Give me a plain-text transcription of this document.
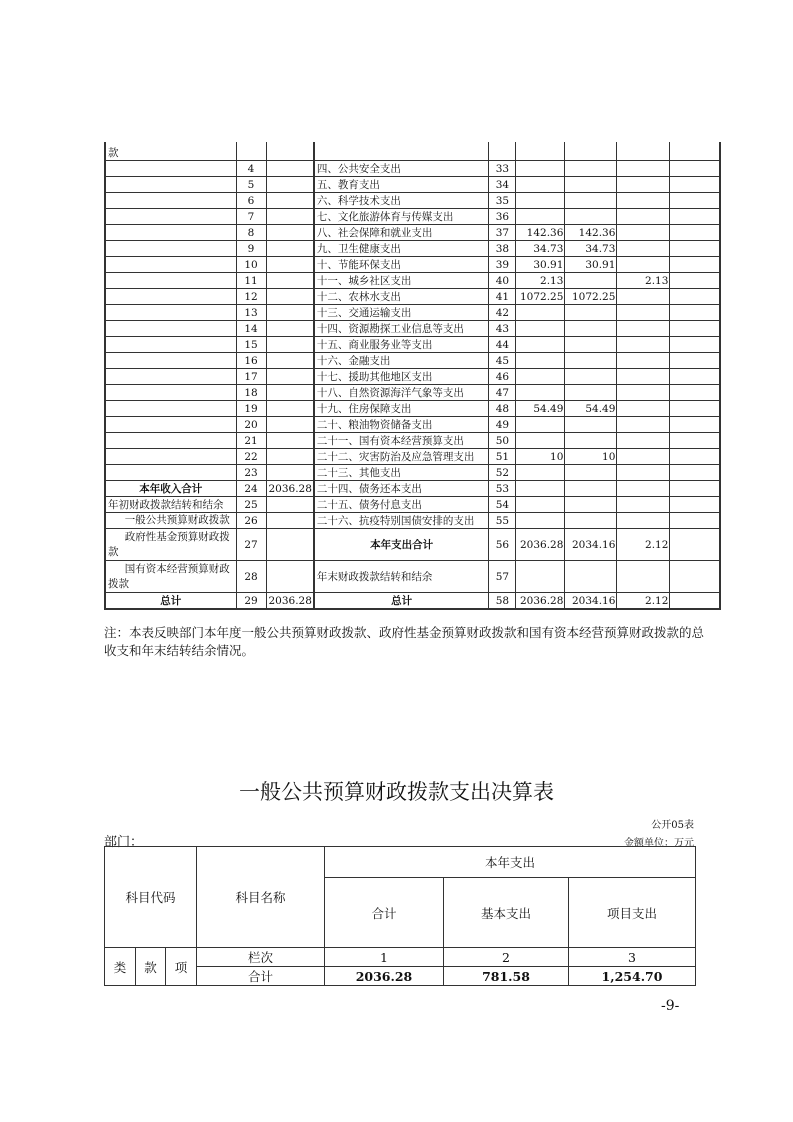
款								
	4		四、公共安全支出	33				
	5		五、教育支出	34				
	6		六、科学技术支出	35				
	7		七、文化旅游体育与传媒支出	36				
	8		八、社会保障和就业支出	37	142.36	142.36		
	9		九、卫生健康支出	38	34.73	34.73		
	10		十、节能环保支出	39	30.91	30.91		
	11		十一、城乡社区支出	40	2.13		2.13	
	12		十二、农林水支出	41	1072.25	1072.25		
	13		十三、交通运输支出	42				
	14		十四、资源勘探工业信息等支出	43				
	15		十五、商业服务业等支出	44				
	16		十六、金融支出	45				
	17		十七、援助其他地区支出	46				
	18		十八、自然资源海洋气象等支出	47				
	19		十九、住房保障支出	48	54.49	54.49		
	20		二十、粮油物资储备支出	49				
	21		二十一、国有资本经营预算支出	50				
	22		二十二、灾害防治及应急管理支出	51	10	10		
	23		二十三、其他支出	52				
本年收入合计	24	2036.28	二十四、债务还本支出	53				
年初财政拨款结转和结余	25		二十五、债务付息支出	54				
一般公共预算财政拨款	26		二十六、抗疫特别国债安排的支出	55				
政府性基金预算财政拨款	27		本年支出合计	56	2036.28	2034.16	2.12	
国有资本经营预算财政拨款	28		年末财政拨款结转和结余	57				
总计	29	2036.28	总计	58	2036.28	2034.16	2.12	
注：本表反映部门本年度一般公共预算财政拨款、政府性基金预算财政拨款和国有资本经营预算财政拨款的总收支和年末结转结余情况。
一般公共预算财政拨款支出决算表
公开05表
部门：	金额单位：万元
科目代码			科目名称	本年支出		
				合计	基本支出	项目支出
类	款	项	栏次	1	2	3
			合计	2036.28	781.58	1,254.70
-9-
